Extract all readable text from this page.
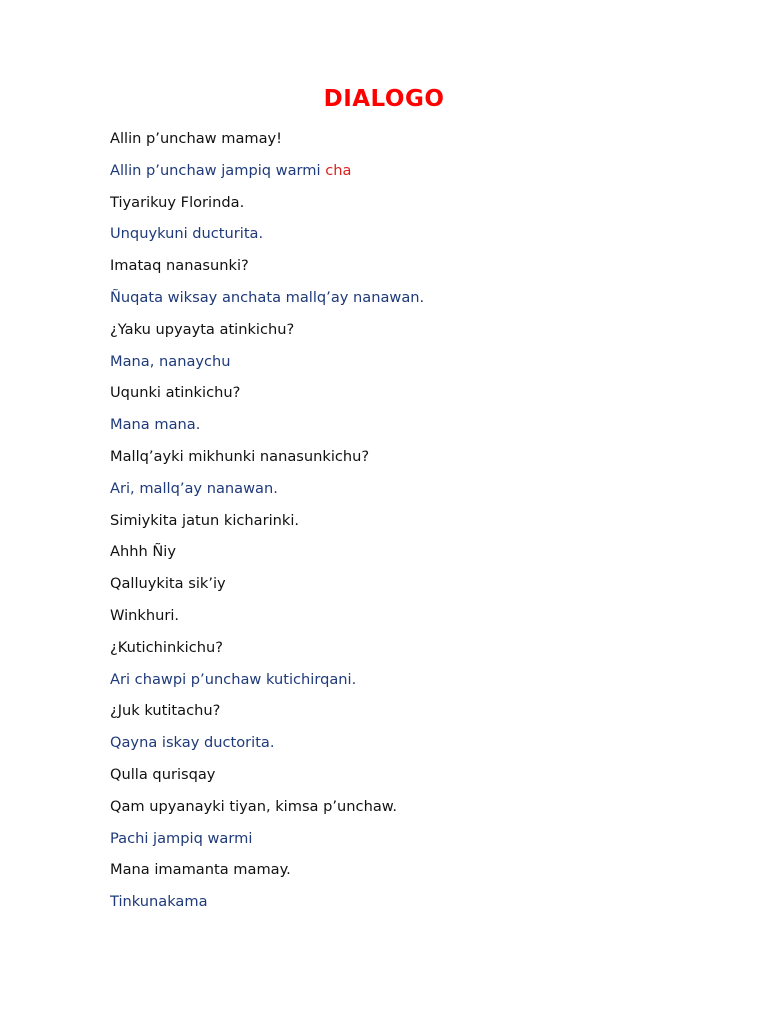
DIALOGO
Allin p’unchaw mamay!
Allin p’unchaw jampiq warmi cha
Tiyarikuy Florinda.
Unquykuni ducturita.
Imataq nanasunki?
Ñuqata wiksay anchata mallq’ay nanawan.
¿Yaku upyayta atinkichu?
Mana, nanaychu
Uqunki atinkichu?
Mana mana.
Mallq’ayki mikhunki nanasunkichu?
Ari, mallq’ay nanawan.
Simiykita jatun kicharinki.
Ahhh Ñiy
Qalluykita sik’iy
Winkhuri.
¿Kutichinkichu?
Ari chawpi p’unchaw kutichirqani.
¿Juk kutitachu?
Qayna iskay ductorita.
Qulla qurisqay
Qam upyanayki tiyan, kimsa p’unchaw.
Pachi jampiq warmi
Mana imamanta mamay.
Tinkunakama
